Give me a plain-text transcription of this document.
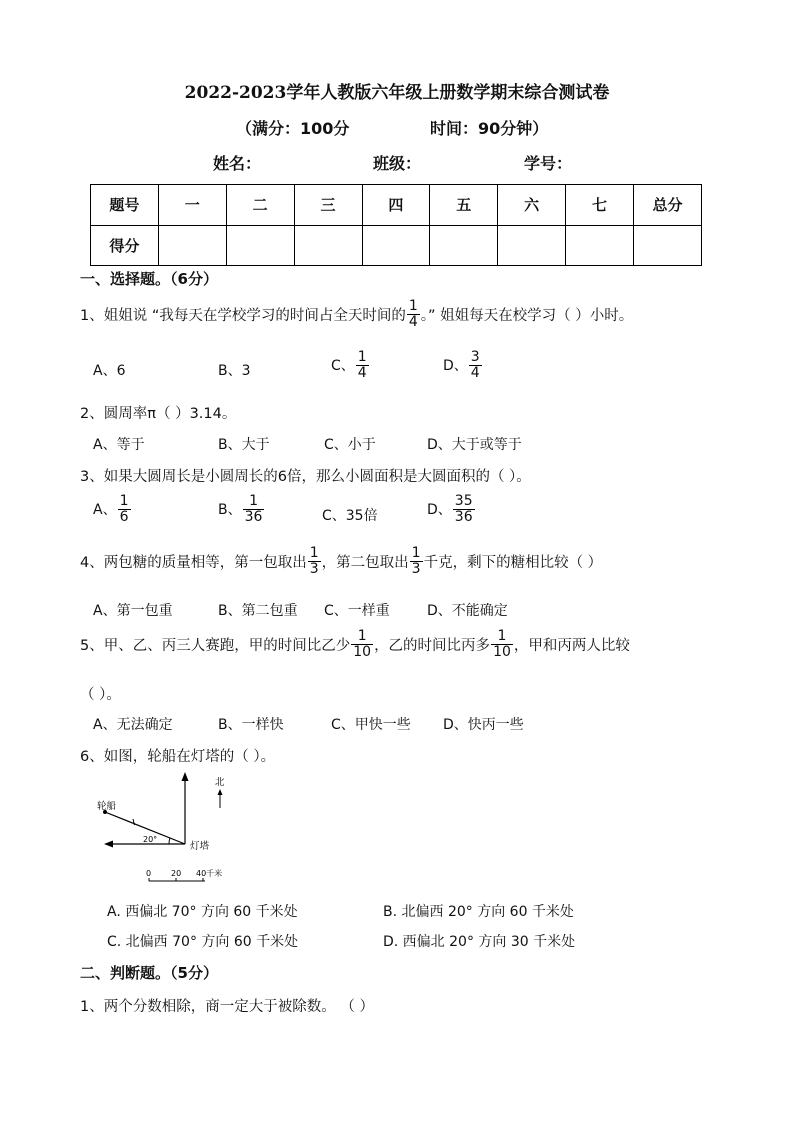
2022-2023学年人教版六年级上册数学期末综合测试卷
（满分：100分	时间：90分钟）
姓名：	班级：	学号：
题号	一	二	三	四	五	六	七	总分
得分								
一、选择题。（6分）
1、姐姐说 “我每天在学校学习的时间占全天时间的 $\frac{1}{4}$ 。” 姐姐每天在校学习（ ）小时。
A、6	B、3	C、 $\frac{1}{4}$	D、 $\frac{3}{4}$
2、圆周率π（ ）3.14。
A、等于	B、大于	C、小于	D、大于或等于
3、如果大圆周长是小圆周长的6倍，那么小圆面积是大圆面积的（ ）。
A、 $\frac{1}{6}$	B、 $\frac{1}{36}$	C、35倍	D、 $\frac{35}{36}$
4、两包糖的质量相等，第一包取出 $\frac{1}{3}$ ，第二包取出 $\frac{1}{3}$ 千克，剩下的糖相比较（ ）
A、第一包重	B、第二包重 C、一样重	D、不能确定
5、甲、乙、丙三人赛跑，甲的时间比乙少 $\frac{1}{10}$ ，乙的时间比丙多 $\frac{1}{10}$ ，甲和丙两人比较
（ ）。
A、无法确定	B、一样快	C、甲快一些 D、快丙一些
6、如图，轮船在灯塔的（ ）。
轮船
北
20°
灯塔
0 20 40千米
A. 西偏北 70° 方向 60 千米处	B. 北偏西 20° 方向 60 千米处
C. 北偏西 70° 方向 60 千米处	D. 西偏北 20° 方向 30 千米处
二、判断题。（5分）
1、两个分数相除，商一定大于被除数。 （ ）
